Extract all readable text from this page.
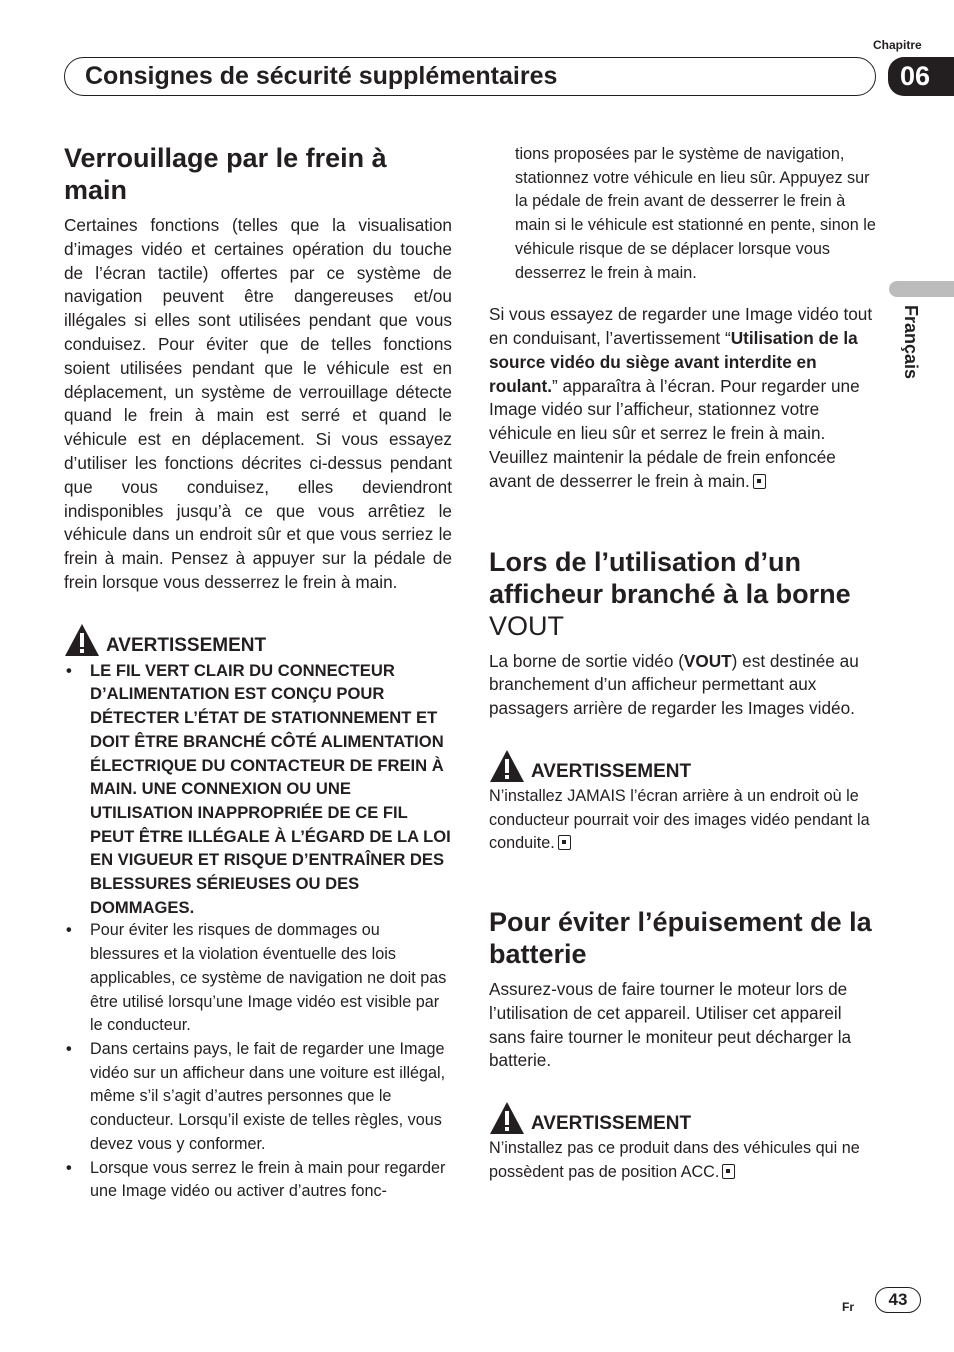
Chapitre
06
Consignes de sécurité supplémentaires
Français
Verrouillage par le frein à main

Certaines fonctions (telles que la visualisation d’images vidéo et certaines opération du touche de l’écran tactile) offertes par ce système de navigation peuvent être dangereuses et/ou illégales si elles sont utilisées pendant que vous conduisez. Pour éviter que de telles fonctions soient utilisées pendant que le véhicule est en déplacement, un système de verrouillage détecte quand le frein à main est serré et quand le véhicule est en déplacement. Si vous essayez d’utiliser les fonctions décrites ci-dessus pendant que vous conduisez, elles deviendront indisponibles jusqu’à ce que vous arrêtiez le véhicule dans un endroit sûr et que vous serriez le frein à main. Pensez à appuyer sur la pédale de frein lorsque vous desserrez le frein à main.

AVERTISSEMENT
• LE FIL VERT CLAIR DU CONNECTEUR D’ALIMENTATION EST CONÇU POUR DÉTECTER L’ÉTAT DE STATIONNEMENT ET DOIT ÊTRE BRANCHÉ CÔTÉ ALIMENTATION ÉLECTRIQUE DU CONTACTEUR DE FREIN À MAIN. UNE CONNEXION OU UNE UTILISATION INAPPROPRIÉE DE CE FIL PEUT ÊTRE ILLÉGALE À L’ÉGARD DE LA LOI EN VIGUEUR ET RISQUE D’ENTRAÎNER DES BLESSURES SÉRIEUSES OU DES DOMMAGES.
• Pour éviter les risques de dommages ou blessures et la violation éventuelle des lois applicables, ce système de navigation ne doit pas être utilisé lorsqu’une Image vidéo est visible par le conducteur.
• Dans certains pays, le fait de regarder une Image vidéo sur un afficheur dans une voiture est illégal, même s’il s’agit d’autres personnes que le conducteur. Lorsqu’il existe de telles règles, vous devez vous y conformer.
• Lorsque vous serrez le frein à main pour regarder une Image vidéo ou activer d’autres fonc-

tions proposées par le système de navigation, stationnez votre véhicule en lieu sûr. Appuyez sur la pédale de frein avant de desserrer le frein à main si le véhicule est stationné en pente, sinon le véhicule risque de se déplacer lorsque vous desserrez le frein à main.

Si vous essayez de regarder une Image vidéo tout en conduisant, l’avertissement “Utilisation de la source vidéo du siège avant interdite en roulant.” apparaîtra à l’écran. Pour regarder une Image vidéo sur l’afficheur, stationnez votre véhicule en lieu sûr et serrez le frein à main. Veuillez maintenir la pédale de frein enfoncée avant de desserrer le frein à main.

Lors de l’utilisation d’un afficheur branché à la borne VOUT

La borne de sortie vidéo (VOUT) est destinée au branchement d’un afficheur permettant aux passagers arrière de regarder les Images vidéo.

AVERTISSEMENT

N’installez JAMAIS l’écran arrière à un endroit où le conducteur pourrait voir des images vidéo pendant la conduite.

Pour éviter l’épuisement de la batterie

Assurez-vous de faire tourner le moteur lors de l’utilisation de cet appareil. Utiliser cet appareil sans faire tourner le moniteur peut décharger la batterie.

AVERTISSEMENT

N’installez pas ce produit dans des véhicules qui ne possèdent pas de position ACC.

Fr	43
